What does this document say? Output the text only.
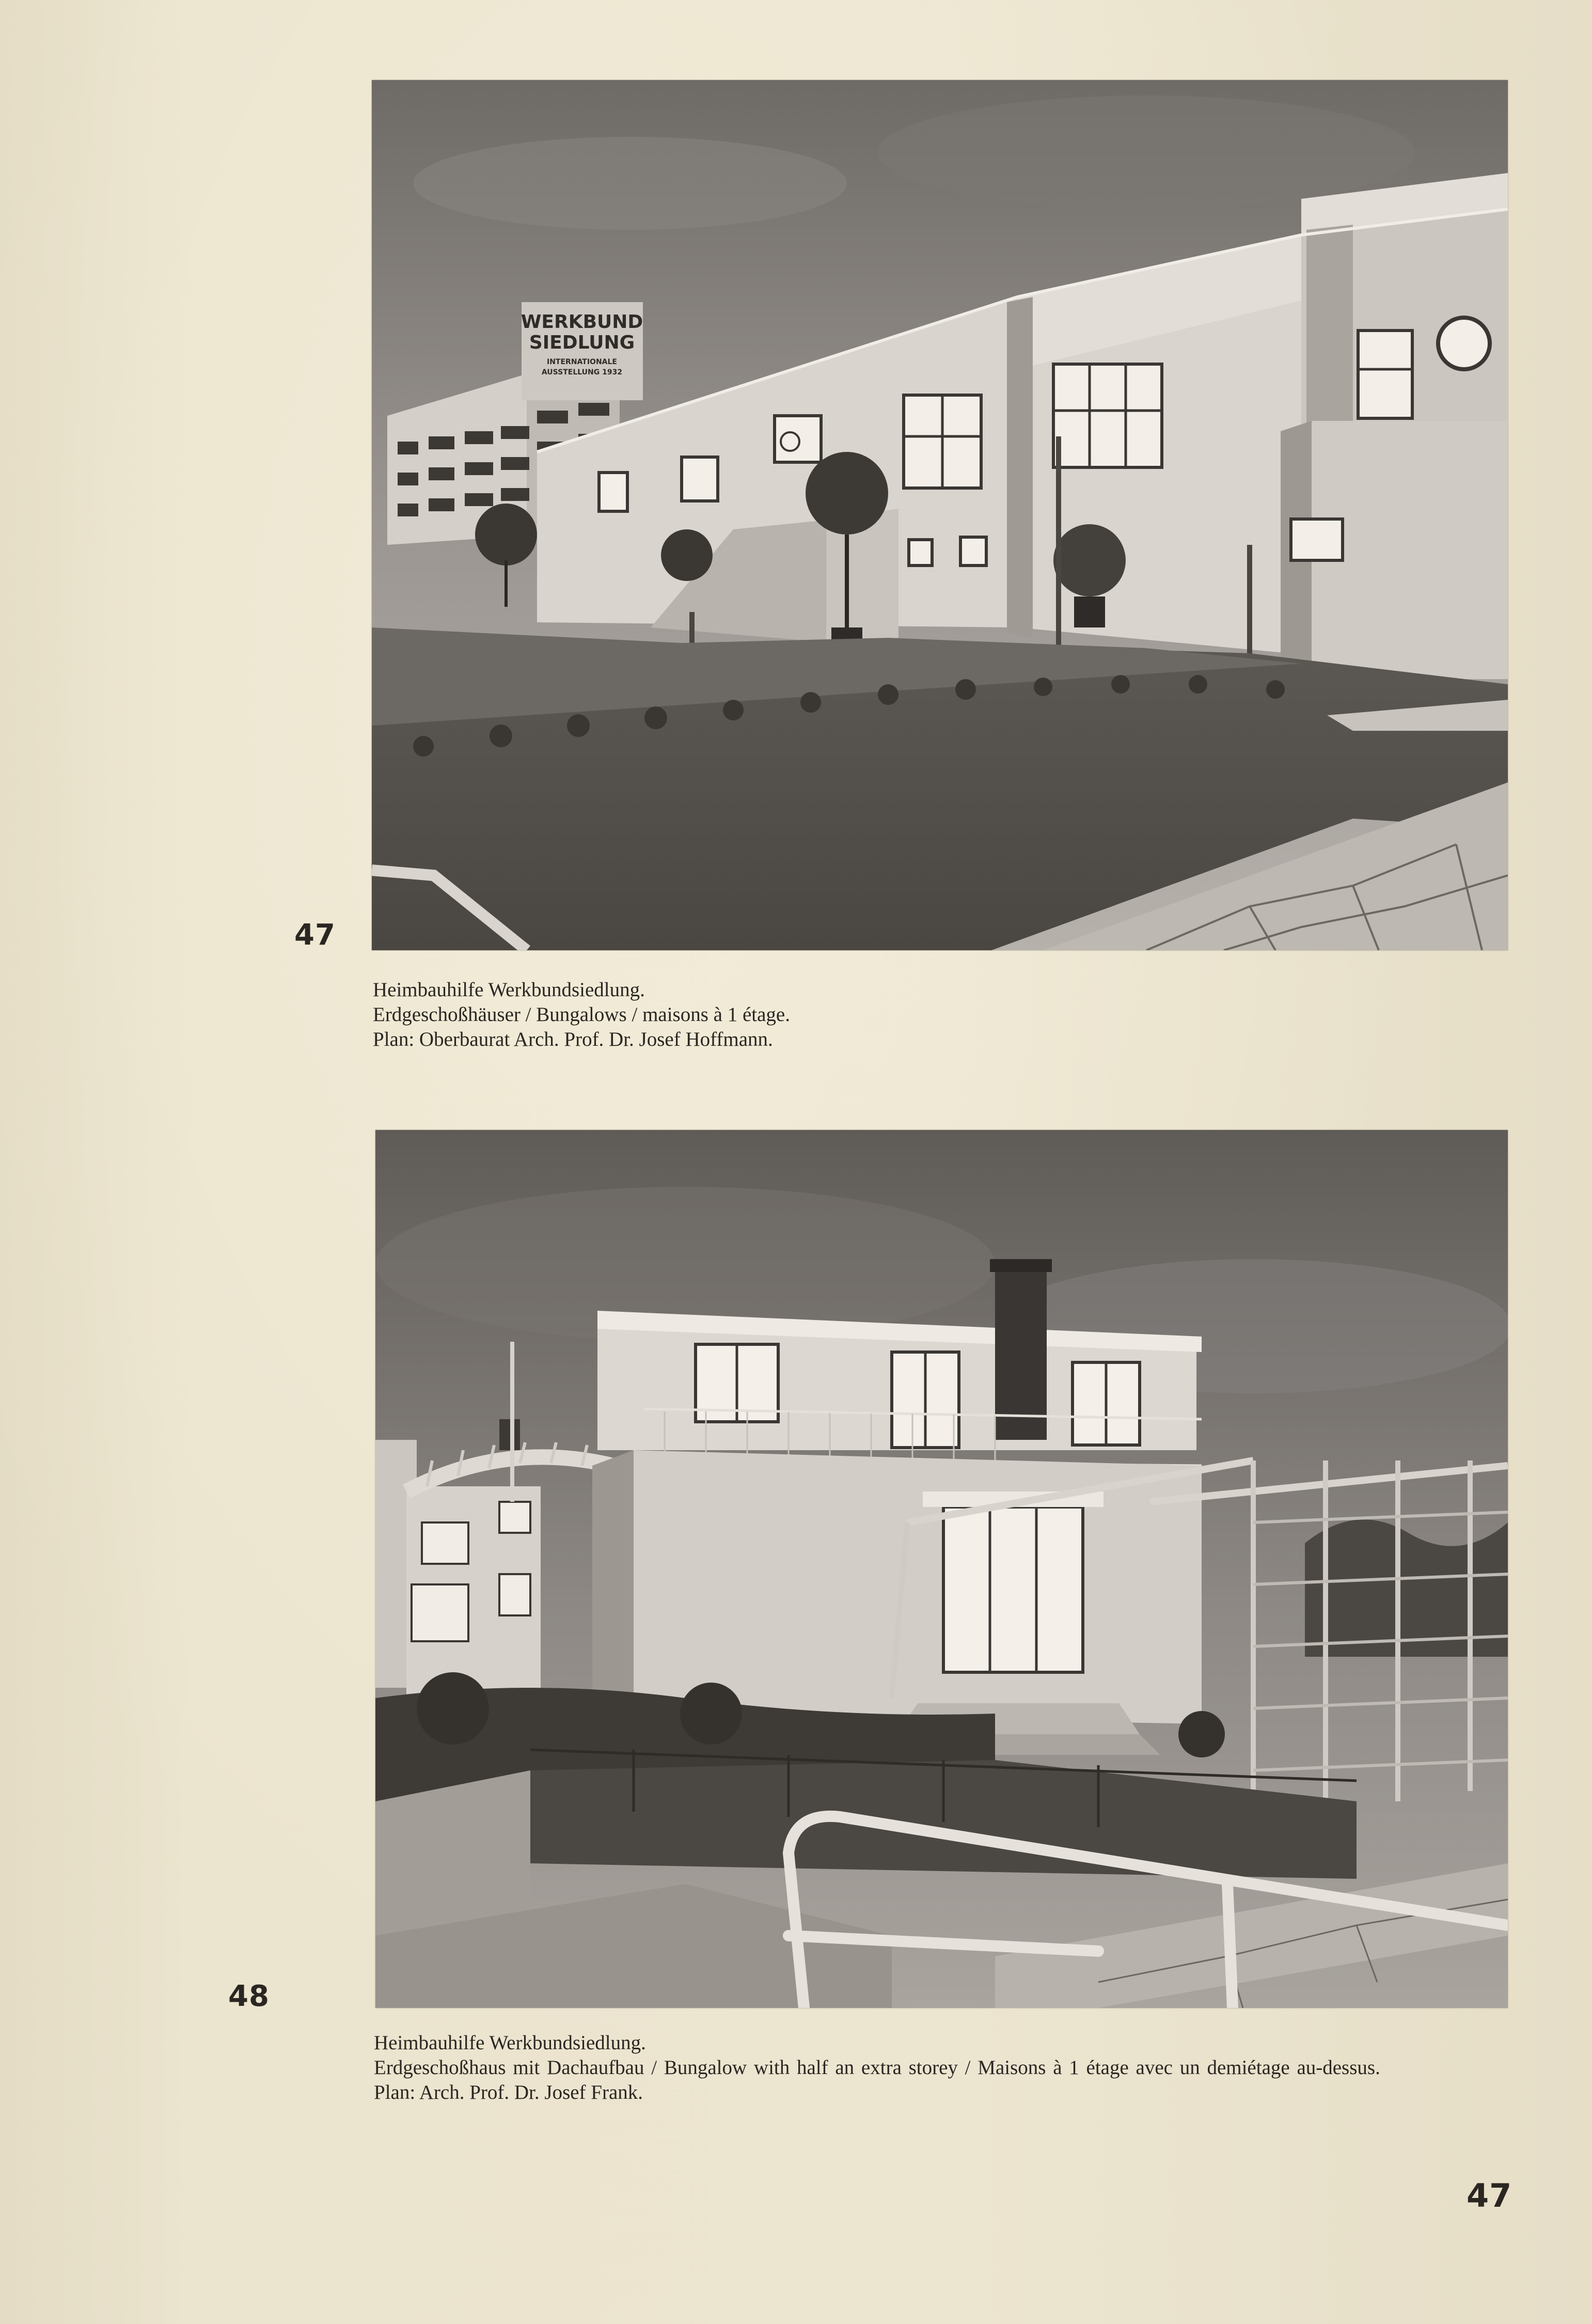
WERKBUND
SIEDLUNG
INTERNATIONALE
AUSSTELLUNG 1932
47

Heimbauhilfe Werkbundsiedlung.

Erdgeschoßhäuser / Bungalows / maisons à 1 étage.

Plan: Oberbaurat Arch. Prof. Dr. Josef Hoffmann.

48

Heimbauhilfe Werkbundsiedlung.

Erdgeschoßhaus mit Dachaufbau / Bungalow with half an extra storey / Maisons à 1 étage avec un demiétage au-dessus.

Plan: Arch. Prof. Dr. Josef Frank.

47
